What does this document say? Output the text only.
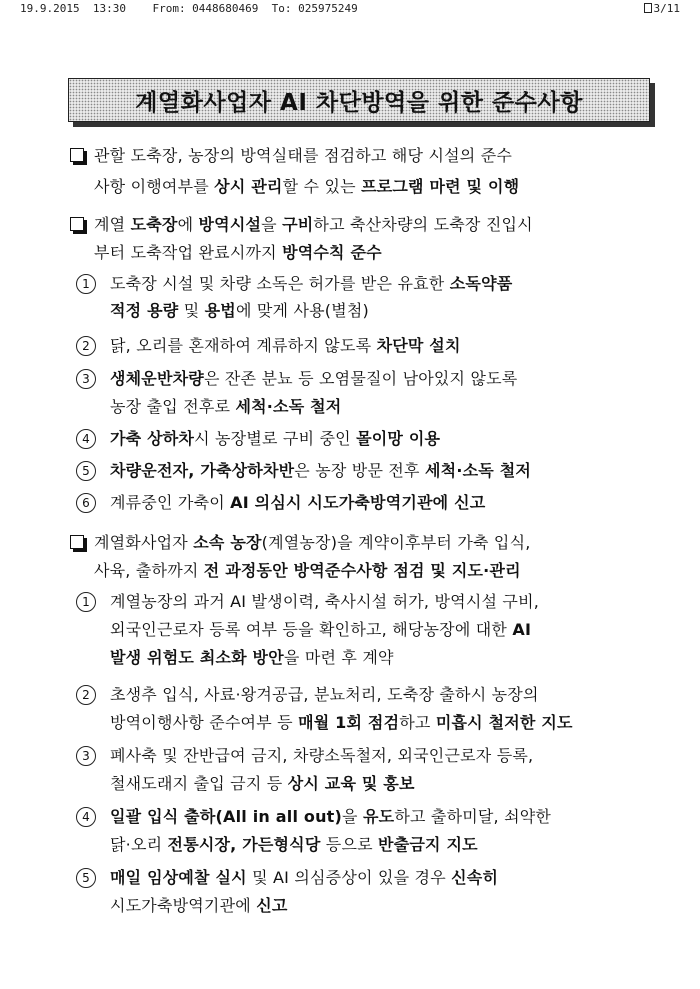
19.9.2015  13:30    From: 0448680469  To: 025975249

	3/11

계열화사업자 AI 차단방역을 위한 준수사항
관할 도축장, 농장의 방역실태를 점검하고 해당 시설의 준수
사항 이행여부를 상시 관리할 수 있는 프로그램 마련 및 이행
계열 도축장에 방역시설을 구비하고 축산차량의 도축장 진입시
부터 도축작업 완료시까지 방역수칙 준수
1	도축장 시설 및 차량 소독은 허가를 받은 유효한 소독약품
적정 용량 및 용법에 맞게 사용(별첨)
2	닭, 오리를 혼재하여 계류하지 않도록 차단막 설치
3	생체운반차량은 잔존 분뇨 등 오염물질이 남아있지 않도록
농장 출입 전후로 세척·소독 철저
4	가축 상하차시 농장별로 구비 중인 몰이망 이용
5	차량운전자, 가축상하차반은 농장 방문 전후 세척·소독 철저
6	계류중인 가축이 AI 의심시 시도가축방역기관에 신고
계열화사업자 소속 농장(계열농장)을 계약이후부터 가축 입식,
사육, 출하까지 전 과정동안 방역준수사항 점검 및 지도·관리
1	계열농장의 과거 AI 발생이력, 축사시설 허가, 방역시설 구비,
외국인근로자 등록 여부 등을 확인하고, 해당농장에 대한 AI
발생 위험도 최소화 방안을 마련 후 계약
2	초생추 입식, 사료·왕겨공급, 분뇨처리, 도축장 출하시 농장의
방역이행사항 준수여부 등 매월 1회 점검하고 미흡시 철저한 지도
3	폐사축 및 잔반급여 금지, 차량소독철저, 외국인근로자 등록,
철새도래지 출입 금지 등 상시 교육 및 홍보
4	일괄 입식 출하(All in all out)을 유도하고 출하미달, 쇠약한
닭·오리 전통시장, 가든형식당 등으로 반출금지 지도
5	매일 임상예찰 실시 및 AI 의심증상이 있을 경우 신속히
시도가축방역기관에 신고
